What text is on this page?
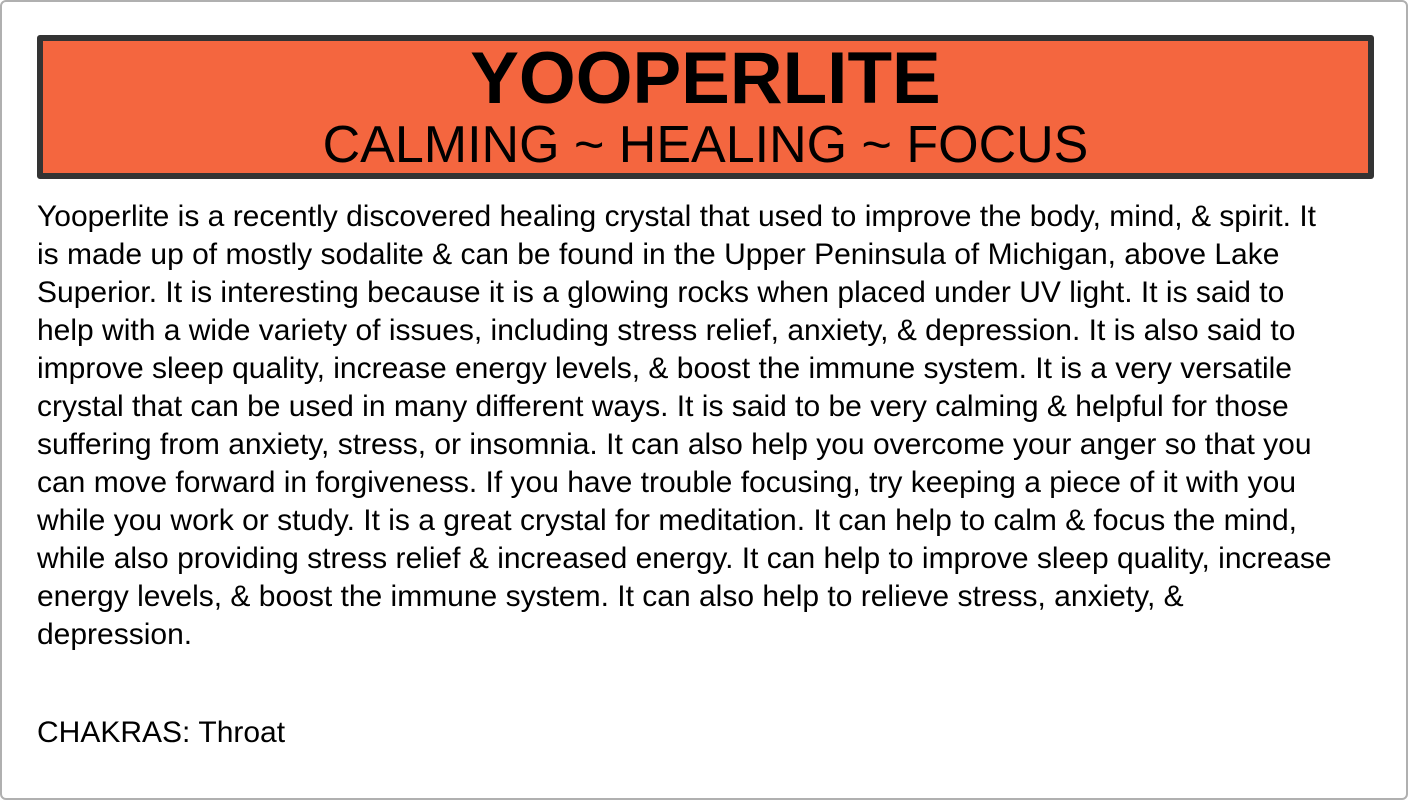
YOOPERLITE
CALMING ~ HEALING ~ FOCUS
Yooperlite is a recently discovered healing crystal that used to improve the body, mind, & spirit. It is made up of mostly sodalite & can be found in the Upper Peninsula of Michigan, above Lake Superior. It is interesting because it is a glowing rocks when placed under UV light. It is said to help with a wide variety of issues, including stress relief, anxiety, & depression. It is also said to improve sleep quality, increase energy levels, & boost the immune system. It is a very versatile crystal that can be used in many different ways. It is said to be very calming & helpful for those suffering from anxiety, stress, or insomnia. It can also help you overcome your anger so that you can move forward in forgiveness. If you have trouble focusing, try keeping a piece of it with you while you work or study. It is a great crystal for meditation. It can help to calm & focus the mind, while also providing stress relief & increased energy. It can help to improve sleep quality, increase energy levels, & boost the immune system. It can also help to relieve stress, anxiety, & depression.
CHAKRAS: Throat
